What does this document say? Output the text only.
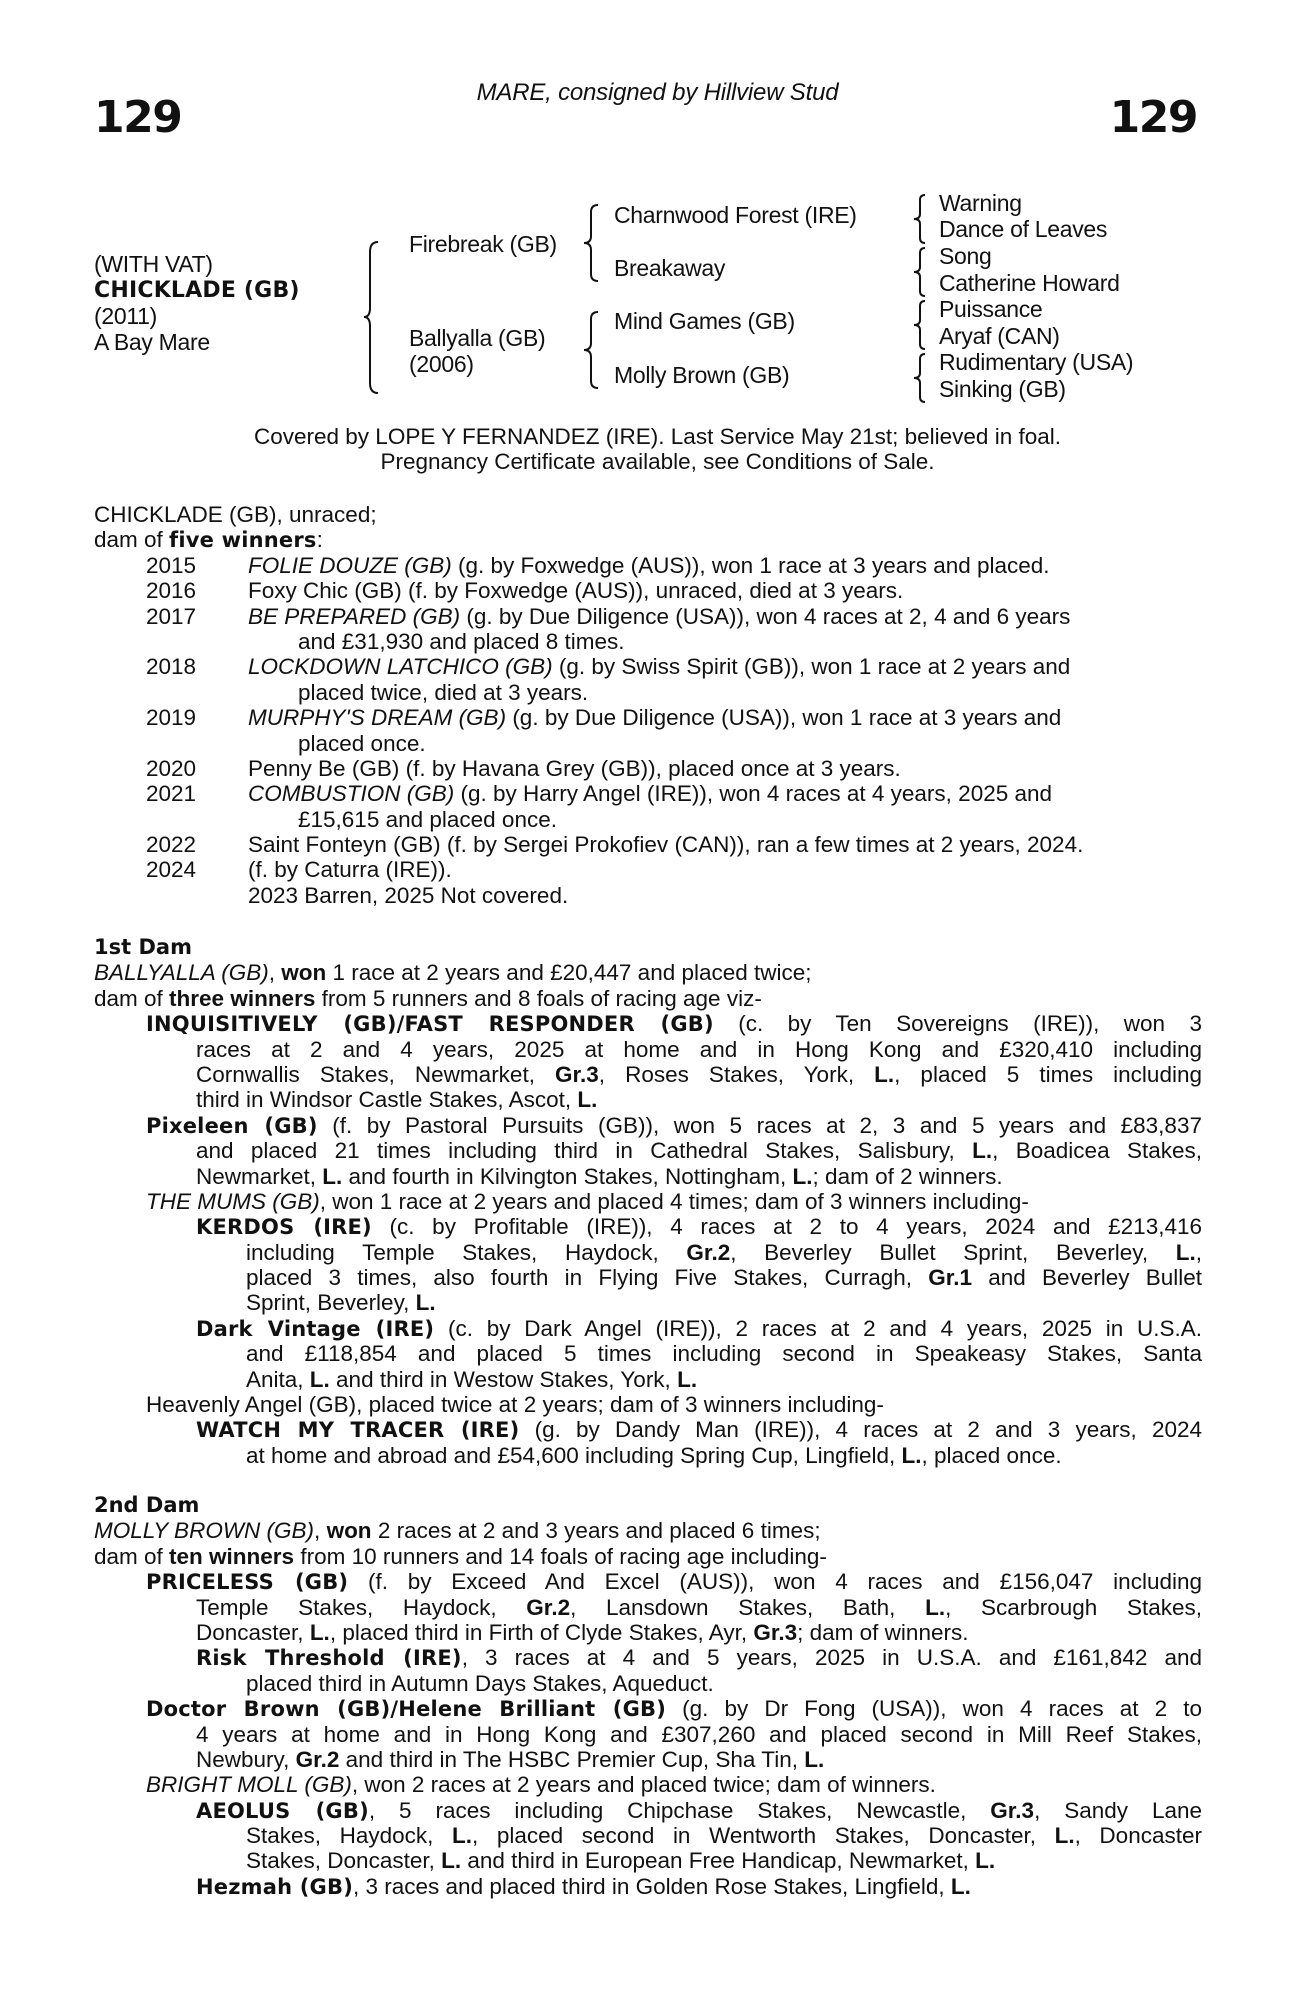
MARE, consigned by Hillview Stud
129	129
(WITH VAT)
CHICKLADE (GB)
(2011)
A Bay Mare
Firebreak (GB)
Ballyalla (GB)
(2006)
Charnwood Forest (IRE)
Breakaway
Mind Games (GB)
Molly Brown (GB)
Warning
Dance of Leaves
Song
Catherine Howard
Puissance
Aryaf (CAN)
Rudimentary (USA)
Sinking (GB)
Covered by LOPE Y FERNANDEZ (IRE). Last Service May 21st; believed in foal.
Pregnancy Certificate available, see Conditions of Sale.
CHICKLADE (GB), unraced;
dam of five winners:
2015 FOLIE DOUZE (GB) (g. by Foxwedge (AUS)), won 1 race at 3 years and placed.
2016 Foxy Chic (GB) (f. by Foxwedge (AUS)), unraced, died at 3 years.
2017 BE PREPARED (GB) (g. by Due Diligence (USA)), won 4 races at 2, 4 and 6 years
and £31,930 and placed 8 times.
2018 LOCKDOWN LATCHICO (GB) (g. by Swiss Spirit (GB)), won 1 race at 2 years and
placed twice, died at 3 years.
2019 MURPHY'S DREAM (GB) (g. by Due Diligence (USA)), won 1 race at 3 years and
placed once.
2020 Penny Be (GB) (f. by Havana Grey (GB)), placed once at 3 years.
2021 COMBUSTION (GB) (g. by Harry Angel (IRE)), won 4 races at 4 years, 2025 and
£15,615 and placed once.
2022 Saint Fonteyn (GB) (f. by Sergei Prokofiev (CAN)), ran a few times at 2 years, 2024.
2024 (f. by Caturra (IRE)).
2023 Barren, 2025 Not covered.
1st Dam
BALLYALLA (GB), won 1 race at 2 years and £20,447 and placed twice;
dam of three winners from 5 runners and 8 foals of racing age viz-
INQUISITIVELY (GB)/FAST RESPONDER (GB) (c. by Ten Sovereigns (IRE)), won 3
races at 2 and 4 years, 2025 at home and in Hong Kong and £320,410 including
Cornwallis Stakes, Newmarket, Gr.3, Roses Stakes, York, L., placed 5 times including
third in Windsor Castle Stakes, Ascot, L.
Pixeleen (GB) (f. by Pastoral Pursuits (GB)), won 5 races at 2, 3 and 5 years and £83,837
and placed 21 times including third in Cathedral Stakes, Salisbury, L., Boadicea Stakes,
Newmarket, L. and fourth in Kilvington Stakes, Nottingham, L.; dam of 2 winners.
THE MUMS (GB), won 1 race at 2 years and placed 4 times; dam of 3 winners including-
KERDOS (IRE) (c. by Profitable (IRE)), 4 races at 2 to 4 years, 2024 and £213,416
including Temple Stakes, Haydock, Gr.2, Beverley Bullet Sprint, Beverley, L.,
placed 3 times, also fourth in Flying Five Stakes, Curragh, Gr.1 and Beverley Bullet
Sprint, Beverley, L.
Dark Vintage (IRE) (c. by Dark Angel (IRE)), 2 races at 2 and 4 years, 2025 in U.S.A.
and £118,854 and placed 5 times including second in Speakeasy Stakes, Santa
Anita, L. and third in Westow Stakes, York, L.
Heavenly Angel (GB), placed twice at 2 years; dam of 3 winners including-
WATCH MY TRACER (IRE) (g. by Dandy Man (IRE)), 4 races at 2 and 3 years, 2024
at home and abroad and £54,600 including Spring Cup, Lingfield, L., placed once.
2nd Dam
MOLLY BROWN (GB), won 2 races at 2 and 3 years and placed 6 times;
dam of ten winners from 10 runners and 14 foals of racing age including-
PRICELESS (GB) (f. by Exceed And Excel (AUS)), won 4 races and £156,047 including
Temple Stakes, Haydock, Gr.2, Lansdown Stakes, Bath, L., Scarbrough Stakes,
Doncaster, L., placed third in Firth of Clyde Stakes, Ayr, Gr.3; dam of winners.
Risk Threshold (IRE), 3 races at 4 and 5 years, 2025 in U.S.A. and £161,842 and
placed third in Autumn Days Stakes, Aqueduct.
Doctor Brown (GB)/Helene Brilliant (GB) (g. by Dr Fong (USA)), won 4 races at 2 to
4 years at home and in Hong Kong and £307,260 and placed second in Mill Reef Stakes,
Newbury, Gr.2 and third in The HSBC Premier Cup, Sha Tin, L.
BRIGHT MOLL (GB), won 2 races at 2 years and placed twice; dam of winners.
AEOLUS (GB), 5 races including Chipchase Stakes, Newcastle, Gr.3, Sandy Lane
Stakes, Haydock, L., placed second in Wentworth Stakes, Doncaster, L., Doncaster
Stakes, Doncaster, L. and third in European Free Handicap, Newmarket, L.
Hezmah (GB), 3 races and placed third in Golden Rose Stakes, Lingfield, L.
